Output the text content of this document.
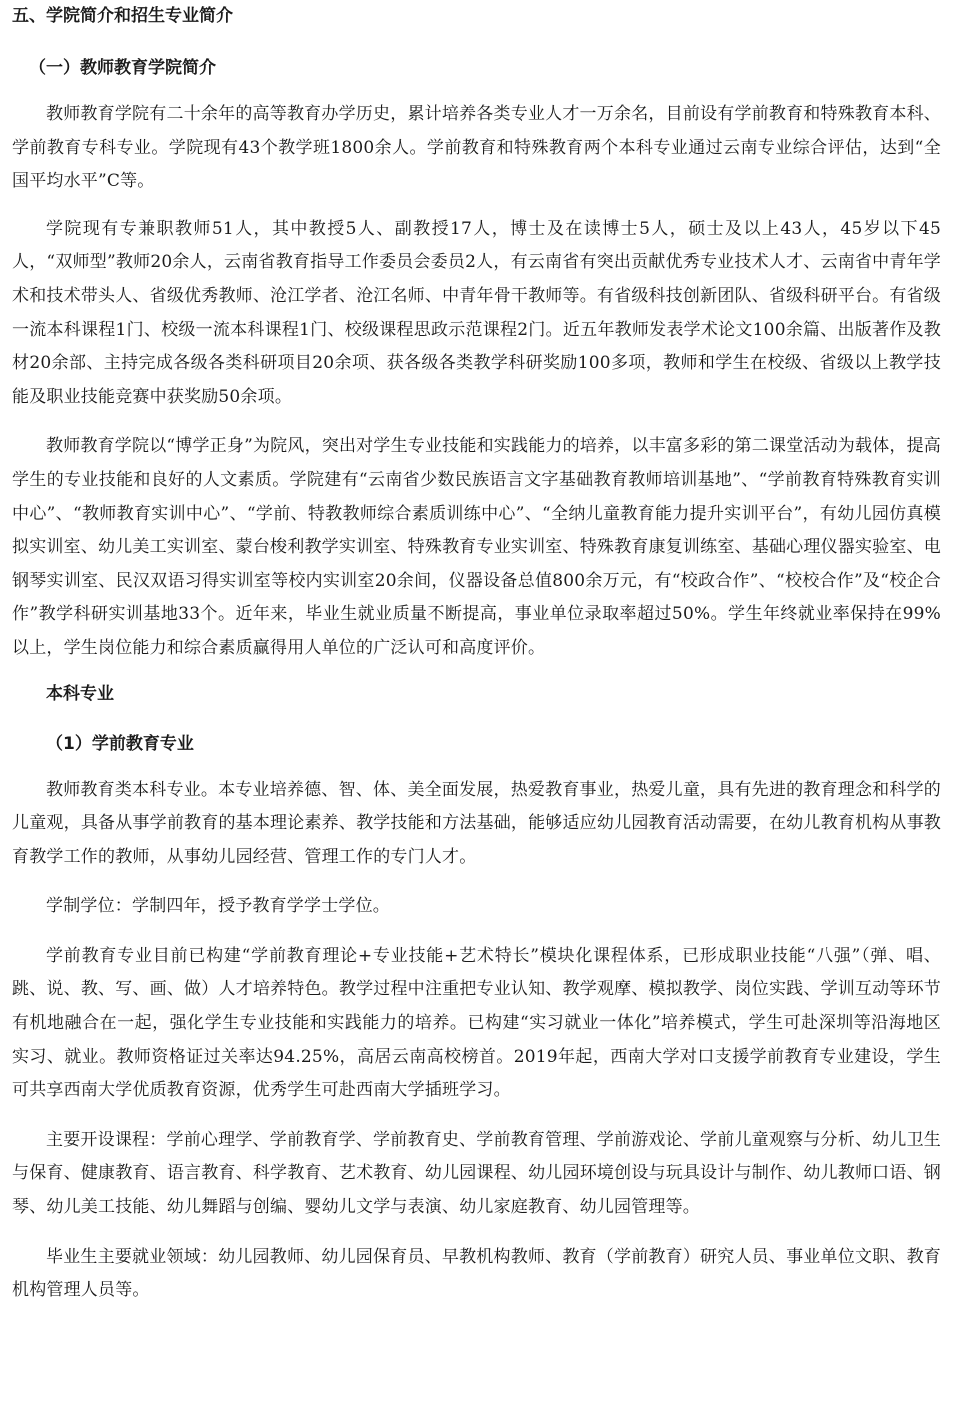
五、学院简介和招生专业简介
（一）教师教育学院简介

教师教育学院有二十余年的高等教育办学历史，累计培养各类专业人才一万余名，目前设有学前教育和特殊教育本科、学前教育专科专业。学院现有43个教学班1800余人。学前教育和特殊教育两个本科专业通过云南专业综合评估，达到“全国平均水平”C等。

学院现有专兼职教师51人，其中教授5人、副教授17人，博士及在读博士5人，硕士及以上43人，45岁以下45人，“双师型”教师20余人，云南省教育指导工作委员会委员2人，有云南省有突出贡献优秀专业技术人才、云南省中青年学术和技术带头人、省级优秀教师、沧江学者、沧江名师、中青年骨干教师等。有省级科技创新团队、省级科研平台。有省级一流本科课程1门、校级一流本科课程1门、校级课程思政示范课程2门。近五年教师发表学术论文100余篇、出版著作及教材20余部、主持完成各级各类科研项目20余项、获各级各类教学科研奖励100多项，教师和学生在校级、省级以上教学技能及职业技能竞赛中获奖励50余项。

教师教育学院以“博学正身”为院风，突出对学生专业技能和实践能力的培养，以丰富多彩的第二课堂活动为载体，提高学生的专业技能和良好的人文素质。学院建有“云南省少数民族语言文字基础教育教师培训基地”、“学前教育特殊教育实训中心”、“教师教育实训中心”、“学前、特教教师综合素质训练中心”、“全纳儿童教育能力提升实训平台”，有幼儿园仿真模拟实训室、幼儿美工实训室、蒙台梭利教学实训室、特殊教育专业实训室、特殊教育康复训练室、基础心理仪器实验室、电钢琴实训室、民汉双语习得实训室等校内实训室20余间，仪器设备总值800余万元，有“校政合作”、“校校合作”及“校企合作”教学科研实训基地33个。近年来，毕业生就业质量不断提高，事业单位录取率超过50%。学生年终就业率保持在99%以上，学生岗位能力和综合素质赢得用人单位的广泛认可和高度评价。

本科专业
（1）学前教育专业

教师教育类本科专业。本专业培养德、智、体、美全面发展，热爱教育事业，热爱儿童，具有先进的教育理念和科学的儿童观，具备从事学前教育的基本理论素养、教学技能和方法基础，能够适应幼儿园教育活动需要，在幼儿教育机构从事教育教学工作的教师，从事幼儿园经营、管理工作的专门人才。

学制学位：学制四年，授予教育学学士学位。

学前教育专业目前已构建“学前教育理论+专业技能+艺术特长”模块化课程体系，已形成职业技能“八强”（弹、唱、跳、说、教、写、画、做）人才培养特色。教学过程中注重把专业认知、教学观摩、模拟教学、岗位实践、学训互动等环节有机地融合在一起，强化学生专业技能和实践能力的培养。已构建“实习就业一体化”培养模式，学生可赴深圳等沿海地区实习、就业。教师资格证过关率达94.25%，高居云南高校榜首。2019年起，西南大学对口支援学前教育专业建设，学生可共享西南大学优质教育资源，优秀学生可赴西南大学插班学习。

主要开设课程：学前心理学、学前教育学、学前教育史、学前教育管理、学前游戏论、学前儿童观察与分析、幼儿卫生与保育、健康教育、语言教育、科学教育、艺术教育、幼儿园课程、幼儿园环境创设与玩具设计与制作、幼儿教师口语、钢琴、幼儿美工技能、幼儿舞蹈与创编、婴幼儿文学与表演、幼儿家庭教育、幼儿园管理等。

毕业生主要就业领域：幼儿园教师、幼儿园保育员、早教机构教师、教育（学前教育）研究人员、事业单位文职、教育机构管理人员等。
